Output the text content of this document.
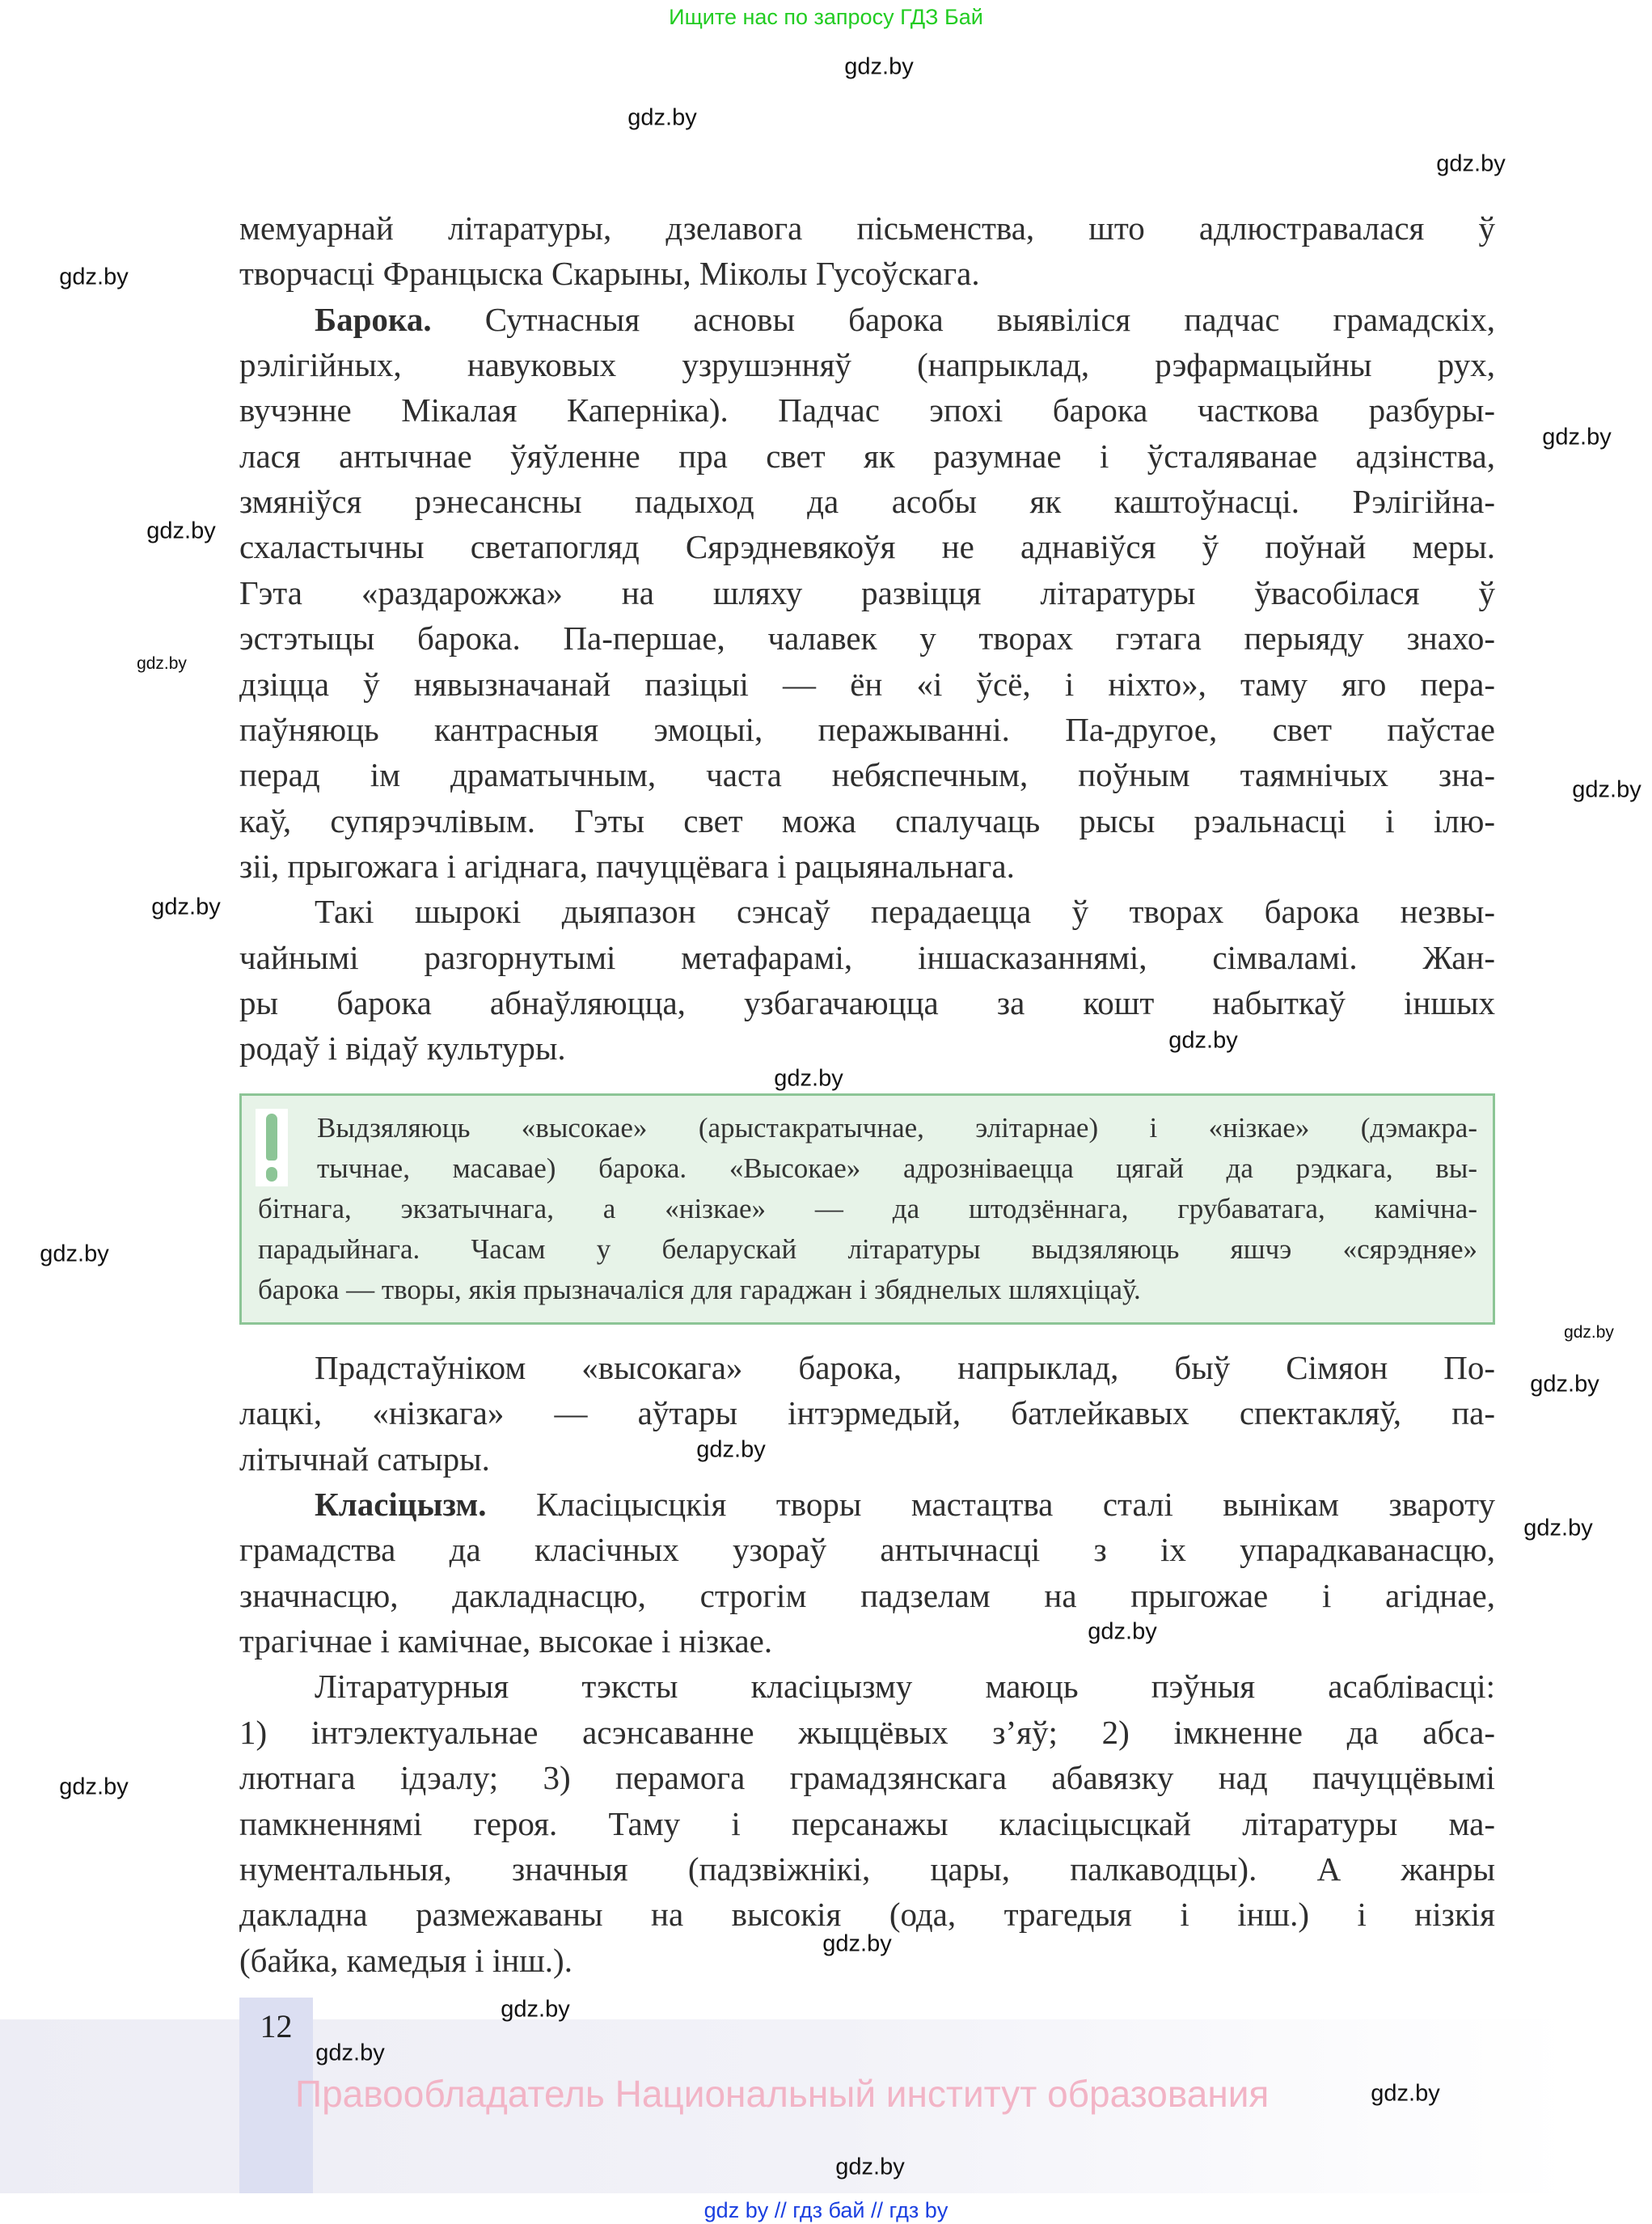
Ищите нас по запросу ГДЗ Бай
мемуарнай літаратуры, дзелавога пісьменства, што адлюстравалася ў
творчасці Францыска Скарыны, Міколы Гусоўскага.
Барока. Сутнасныя асновы барока выявіліся падчас грамадскіх,
рэлігійных, навуковых узрушэнняў (напрыклад, рэфармацыйны рух,
вучэнне Мікалая Каперніка). Падчас эпохі барока часткова разбуры-
лася антычнае ўяўленне пра свет як разумнае і ўсталяванае адзінства,
змяніўся рэнесансны падыход да асобы як каштоўнасці. Рэлігійна-
схаластычны светапогляд Сярэдневякоўя не аднавіўся ў поўнай меры.
Гэта «раздарожжа» на шляху развіцця літаратуры ўвасобілася ў
эстэтыцы барока. Па-першае, чалавек у творах гэтага перыяду знахо-
дзіцца ў нявызначанай пазіцыі — ён «і ўсё, і ніхто», таму яго пера-
паўняюць кантрасныя эмоцыі, перажыванні. Па-другое, свет паўстае
перад ім драматычным, часта небяспечным, поўным таямнічых зна-
каў, супярэчлівым. Гэты свет можа спалучаць рысы рэальнасці і ілю-
зіі, прыгожага і агіднага, пачуццёвага і рацыянальнага.
Такі шырокі дыяпазон сэнсаў перадаецца ў творах барока незвы-
чайнымі разгорнутымі метафарамі, іншасказаннямі, сімваламі. Жан-
ры барока абнаўляюцца, узбагачаюцца за кошт набыткаў іншых
родаў і відаў культуры.
Выдзяляюць «высокае» (арыстакратычнае, элітарнае) і «нізкае» (дэмакра-
тычнае, масавае) барока. «Высокае» адрозніваецца цягай да рэдкага, вы-
бітнага, экзатычнага, а «нізкае» — да штодзённага, грубаватага, камічна-
парадыйнага. Часам у беларускай літаратуры выдзяляюць яшчэ «сярэдняе»
барока — творы, якія прызначаліся для гараджан і збяднелых шляхціцаў.
Прадстаўніком «высокага» барока, напрыклад, быў Сімяон По-
лацкі, «нізкага» — аўтары інтэрмедый, батлейкавых спектакляў, па-
літычнай сатыры.
Класіцызм. Класіцысцкія творы мастацтва сталі вынікам звароту
грамадства да класічных узораў антычнасці з іх упарадкаванасцю,
значнасцю, дакладнасцю, строгім падзелам на прыгожае і агіднае,
трагічнае і камічнае, высокае і нізкае.
Літаратурныя тэксты класіцызму маюць пэўныя асаблівасці:
1) інтэлектуальнае асэнсаванне жыццёвых з’яў; 2) імкненне да абса-
лютнага ідэалу; 3) перамога грамадзянскага абавязку над пачуццёвымі
памкненнямі героя. Таму і персанажы класіцысцкай літаратуры ма-
нументальныя, значныя (падзвіжнікі, цары, палкаводцы). А жанры
дакладна размежаваны на высокія (ода, трагедыя і інш.) і нізкія
(байка, камедыя і інш.).
12
Правообладатель Национальный институт образования
gdz by // гдз бай // гдз by
gdz.by
gdz.by
gdz.by
gdz.by
gdz.by
gdz.by
gdz.by
gdz.by
gdz.by
gdz.by
gdz.by
gdz.by
gdz.by
gdz.by
gdz.by
gdz.by
gdz.by
gdz.by
gdz.by
gdz.by
gdz.by
gdz.by
gdz.by
